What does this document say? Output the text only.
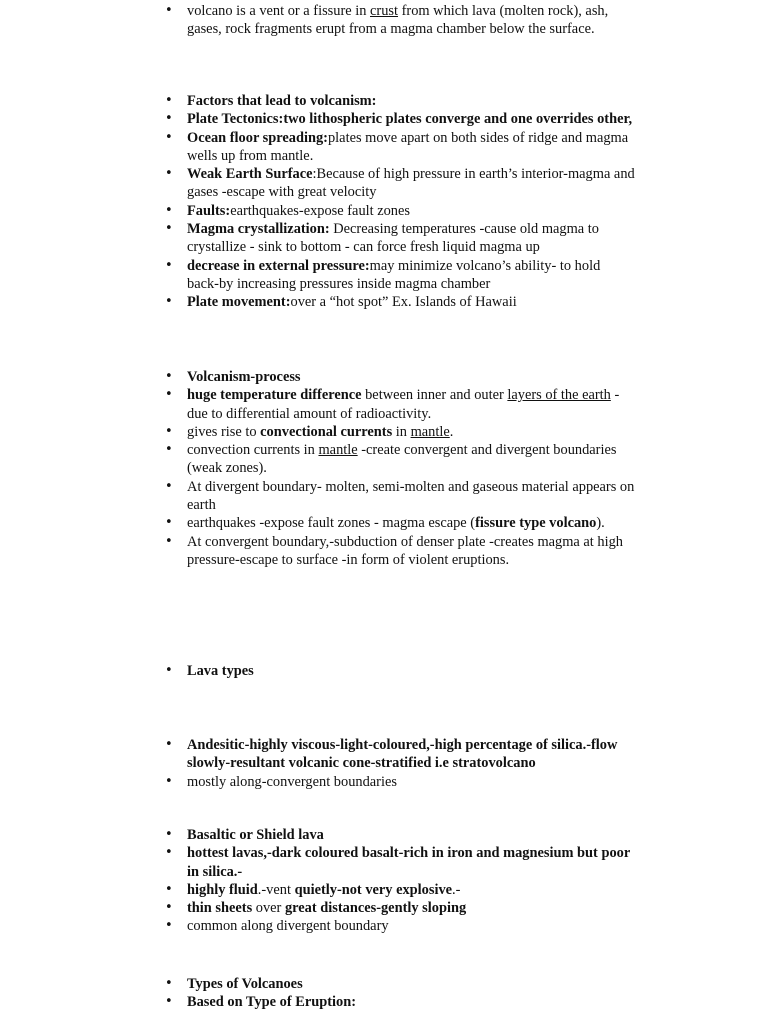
• volcano is a vent or a fissure in crust from which lava (molten rock), ash, gases, rock fragments erupt from a magma chamber below the surface.
• Factors that lead to volcanism:
• Plate Tectonics:two lithospheric plates converge and one overrides other,
• Ocean floor spreading:plates move apart on both sides of ridge and magma wells up from mantle.
• Weak Earth Surface:Because of high pressure in earth’s interior-magma and gases -escape with great velocity
• Faults:earthquakes-expose fault zones
• Magma crystallization: Decreasing temperatures -cause old magma to crystallize - sink to bottom - can force fresh liquid magma up
• decrease in external pressure:may minimize volcano’s ability- to hold back-by increasing pressures inside magma chamber
• Plate movement:over a “hot spot” Ex. Islands of Hawaii
• Volcanism-process
• huge temperature difference between inner and outer layers of the earth -due to differential amount of radioactivity.
• gives rise to convectional currents in mantle.
• convection currents in mantle -create convergent and divergent boundaries (weak zones).
• At divergent boundary- molten, semi-molten and gaseous material appears on earth
• earthquakes -expose fault zones - magma escape (fissure type volcano).
• At convergent boundary,-subduction of denser plate -creates magma at high pressure-escape to surface -in form of violent eruptions.
• Lava types
• Andesitic-highly viscous-light-coloured,-high percentage of silica.-flow slowly-resultant volcanic cone-stratified i.e stratovolcano
• mostly along-convergent boundaries
• Basaltic or Shield lava
• hottest lavas,-dark coloured basalt-rich in iron and magnesium but poor in silica.-
• highly fluid.-vent quietly-not very explosive.-
• thin sheets over great distances-gently sloping
• common along divergent boundary
• Types of Volcanoes
• Based on Type of Eruption:
